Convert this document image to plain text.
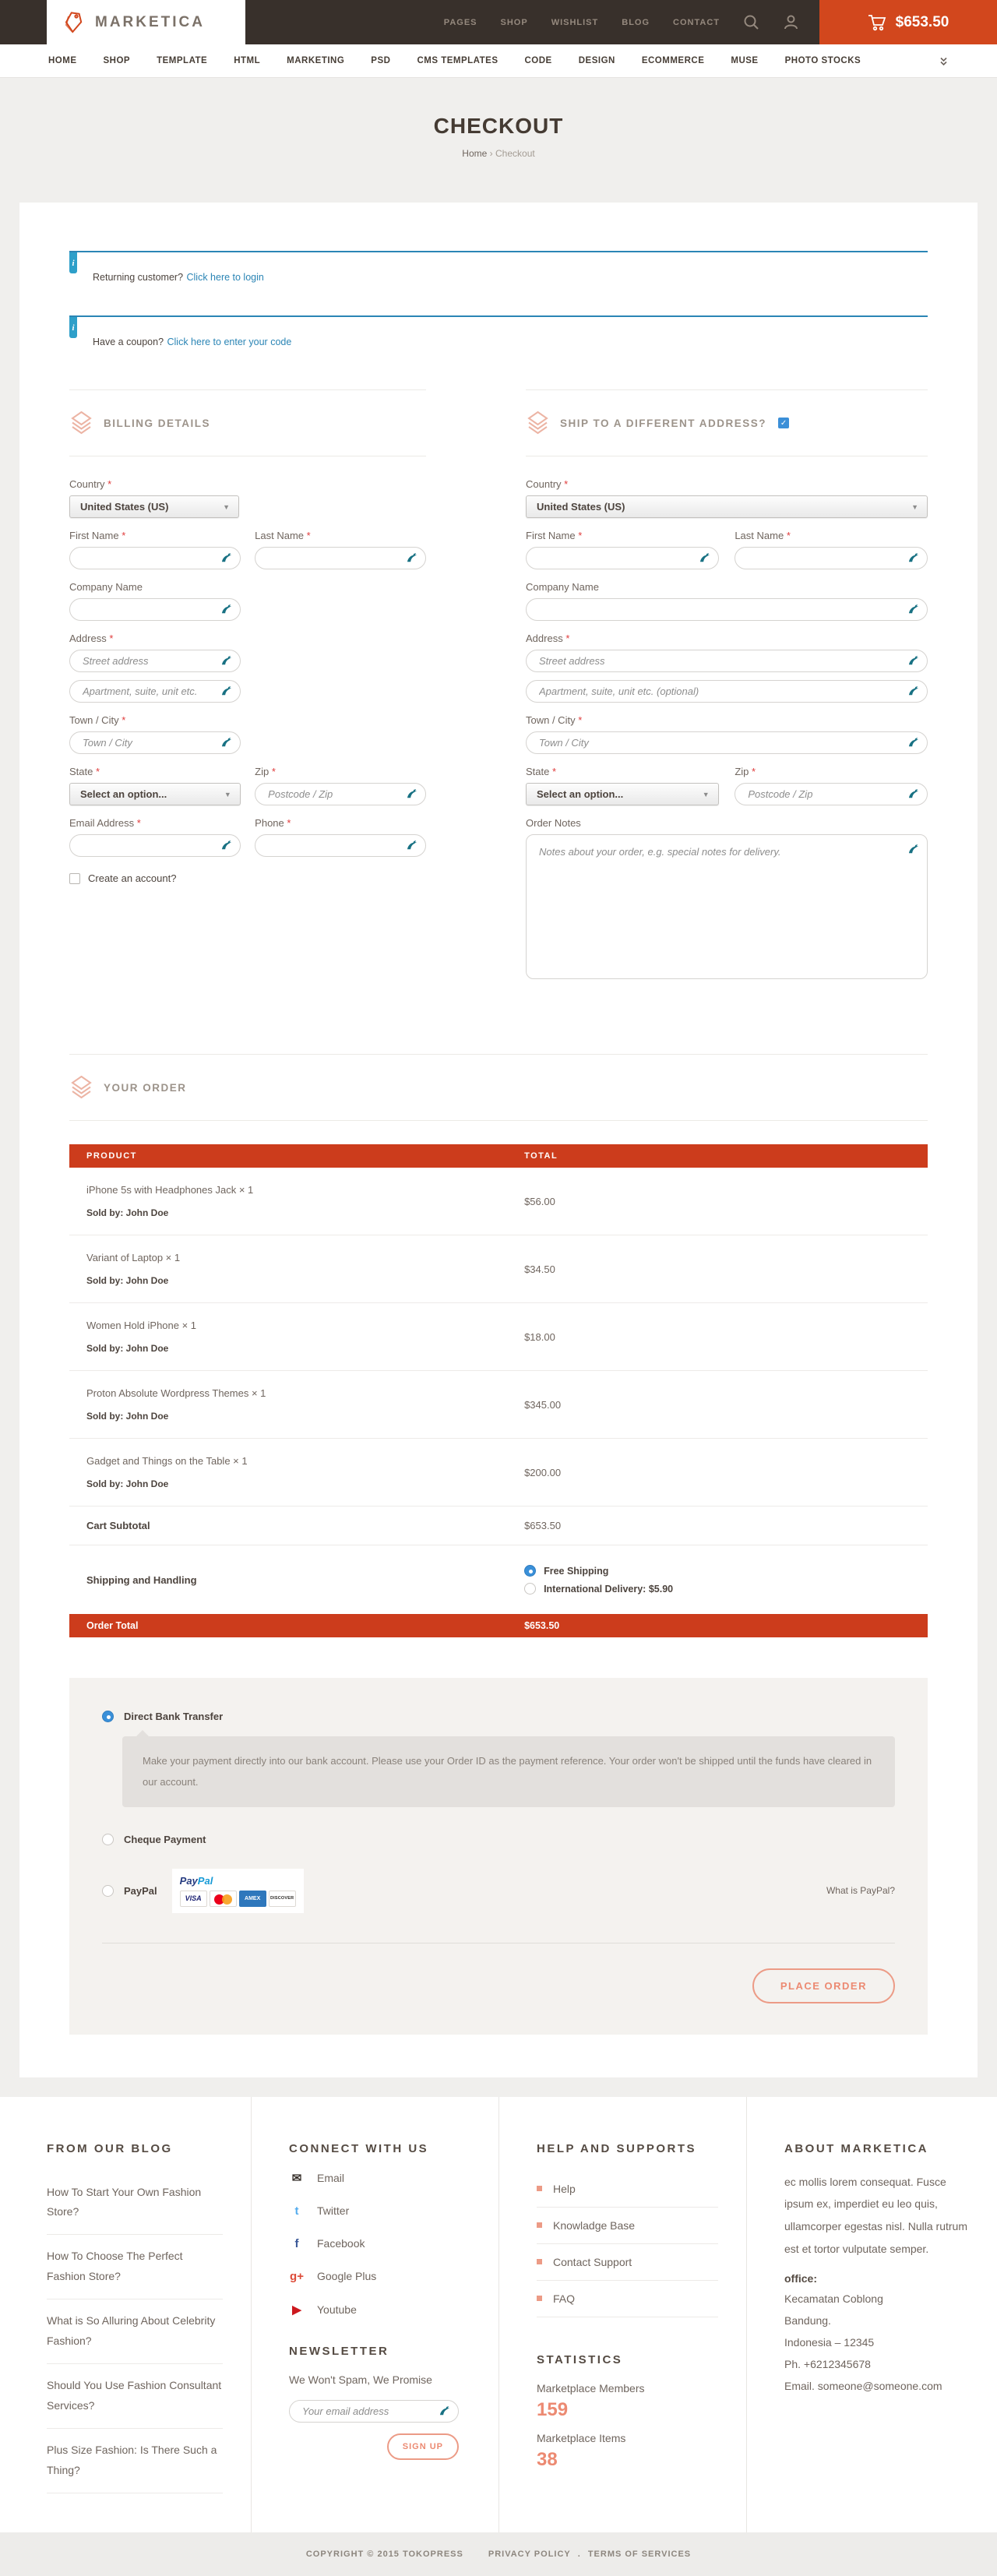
MARKETICA	PAGES	SHOP	WISHLIST	BLOG	CONTACT	$653.50
HOME	SHOP	TEMPLATE	HTML	MARKETING	PSD	CMS TEMPLATES	CODE	DESIGN	ECOMMERCE	MUSE	PHOTO STOCKS
CHECKOUT
Home › Checkout
i
Returning customer? Click here to login
i
Have a coupon? Click here to enter your code
BILLING DETAILS
Country *
United States (US)	▼
First Name *	Last Name *
Company Name
Address *
Street address
Apartment, suite, unit etc.
Town / City *
Town / City
State *
Select an option...	▼
Zip *
Postcode / Zip
Email Address *	Phone *
Create an account?
SHIP TO A DIFFERENT ADDRESS? ✓
Country *
United States (US)	▼
First Name *	Last Name *
Company Name
Address *
Street address
Apartment, suite, unit etc. (optional)
Town / City *
Town / City
State *
Select an option...	▼
Zip *
Postcode / Zip
Order Notes
Notes about your order, e.g. special notes for delivery.
YOUR ORDER
PRODUCT	TOTAL
iPhone 5s with Headphones Jack × 1
Sold by: John Doe
$56.00
Variant of Laptop × 1
Sold by: John Doe
$34.50
Women Hold iPhone × 1
Sold by: John Doe
$18.00
Proton Absolute Wordpress Themes × 1
Sold by: John Doe
$345.00
Gadget and Things on the Table × 1
Sold by: John Doe
$200.00
Cart Subtotal	$653.50
Shipping and Handling
Free Shipping
International Delivery: $5.90
Order Total	$653.50
Direct Bank Transfer
Make your payment directly into our bank account. Please use your Order ID as the payment reference. Your order won't be shipped until the funds have cleared in our account.
Cheque Payment
PayPal
PayPal
VISA	AMEX	DISCOVER
What is PayPal?
PLACE ORDER
FROM OUR BLOG
How To Start Your Own Fashion Store?
How To Choose The Perfect Fashion Store?
What is So Alluring About Celebrity Fashion?
Should You Use Fashion Consultant Services?
Plus Size Fashion: Is There Such a Thing?
CONNECT WITH US
✉ Email
t	Twitter
f	Facebook
g+ Google Plus
▶	Youtube
NEWSLETTER
We Won't Spam, We Promise
Your email address
SIGN UP
HELP AND SUPPORTS
Help
Knowladge Base
Contact Support
FAQ
STATISTICS
Marketplace Members
159
Marketplace Items
38
ABOUT MARKETICA

ec mollis lorem consequat. Fusce ipsum ex, imperdiet eu leo quis, ullamcorper egestas nisl. Nulla rutrum est et tortor vulputate semper.

office:
Kecamatan Coblong
Bandung.
Indonesia – 12345
Ph. +6212345678
Email. someone@someone.com
COPYRIGHT © 2015 TOKOPRESS	PRIVACY POLICY . TERMS OF SERVICES
